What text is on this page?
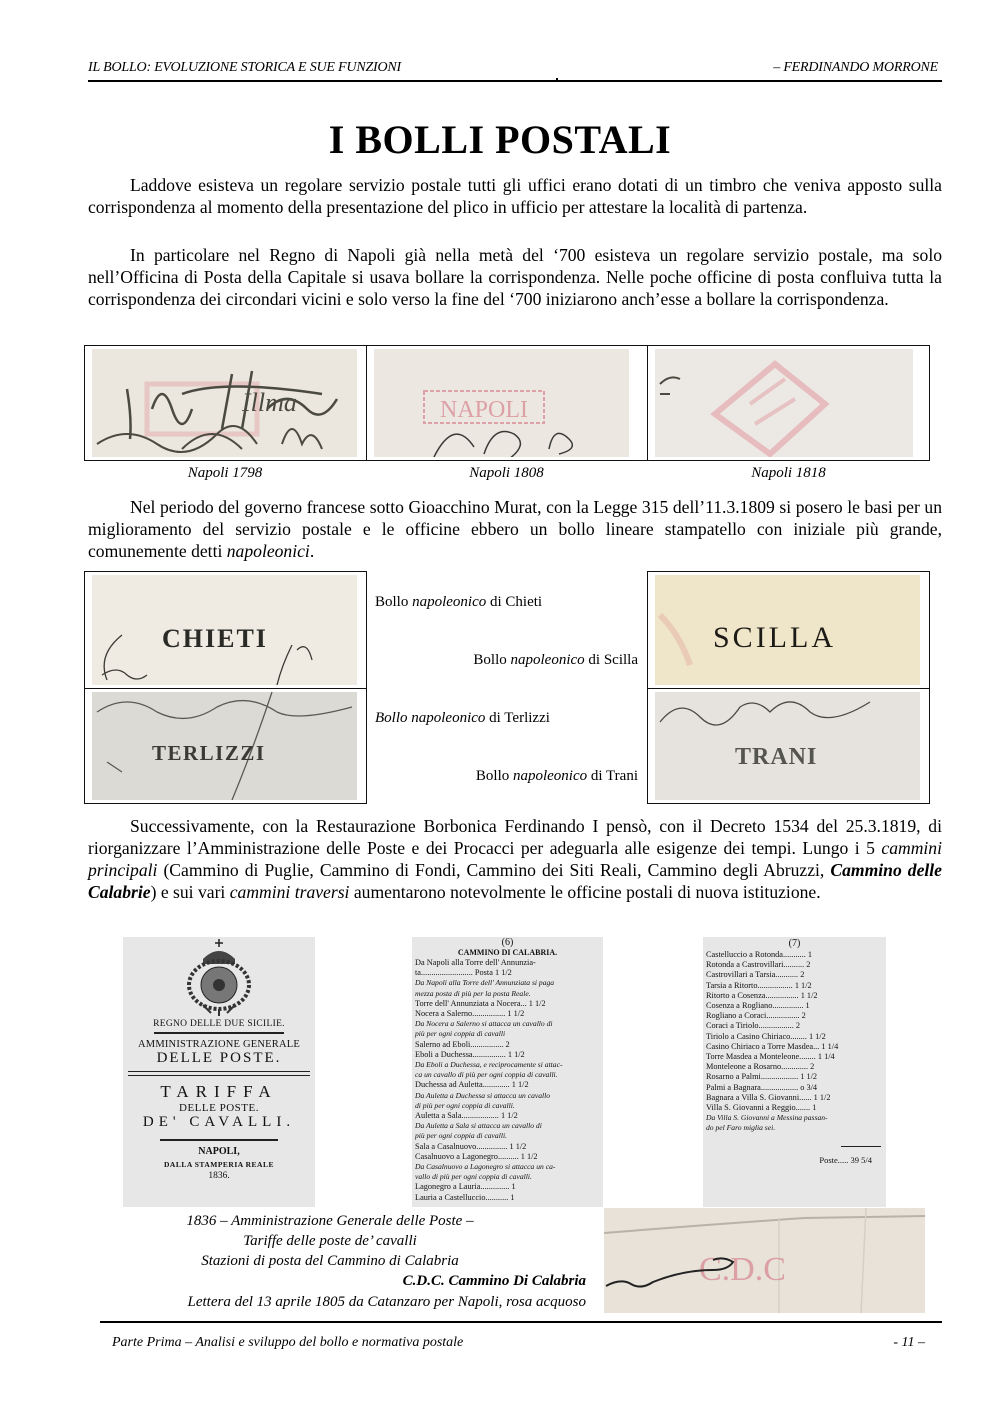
IL BOLLO: EVOLUZIONE STORICA E SUE FUNZIONI	– FERDINANDO MORRONE
I BOLLI POSTALI

Laddove esisteva un regolare servizio postale tutti gli uffici erano dotati di un timbro che veniva apposto sulla corrispondenza al momento della presentazione del plico in ufficio per attestare la località di partenza.

In particolare nel Regno di Napoli già nella metà del ‘700 esisteva un regolare servizio postale, ma solo nell’Officina di Posta della Capitale si usava bollare la corrispondenza. Nelle poche officine di posta confluiva tutta la corrispondenza dei circondari vicini e solo verso la fine del ‘700 iniziarono anch’esse a bollare la corrispondenza.

Illma	NAPOLI
Napoli 1798	Napoli 1808	Napoli 1818

Nel periodo del governo francese sotto Gioacchino Murat, con la Legge 315 dell’11.3.1809 si posero le basi per un miglioramento del servizio postale e le officine ebbero un bollo lineare stampatello con iniziale più grande, comunemente detti napoleonici.

CHIETI
TERLIZZI
SCILLA
TRANI
Bollo napoleonico di Chieti
Bollo napoleonico di Scilla
Bollo napoleonico di Terlizzi
Bollo napoleonico di Trani

Successivamente, con la Restaurazione Borbonica Ferdinando I pensò, con il Decreto 1534 del 25.3.1819, di riorganizzare l’Amministrazione delle Poste e dei Procacci per adeguarla alle esigenze dei tempi. Lungo i 5 cammini principali (Cammino di Puglie, Cammino di Fondi, Cammino dei Siti Reali, Cammino degli Abruzzi, Cammino delle Calabrie) e sui vari cammini traversi aumentarono notevolmente le officine postali di nuova istituzione.

REGNO DELLE DUE SICILIE.
AMMINISTRAZIONE GENERALE
DELLE POSTE.
TARIFFA
DELLE POSTE.
DE' CAVALLI.
NAPOLI,
DALLA STAMPERIA REALE
1836.
(6)
CAMMINO DI CALABRIA.
Da Napoli alla Torre dell' Annunzia-
ta......................... Posta 1 1/2
Da Napoli alla Torre dell' Annunziata si paga
mezza posta di più per la posta Reale.
Torre dell' Annunziata a Nocera... 1 1/2
Nocera a Salerno................ 1 1/2
Da Nocera a Salerno si attacca un cavallo di
più per ogni coppia di cavalli
Salerno ad Eboli................ 2
Eboli a Duchessa................ 1 1/2
Da Eboli a Duchessa, e reciprocamente si attac-
ca un cavallo di più per ogni coppia di cavalli.
Duchessa ad Auletta............. 1 1/2
Da Auletta a Duchessa si attacca un cavallo
di più per ogni coppia di cavalli.
Auletta a Sala.................. 1 1/2
Da Auletta a Sala si attacca un cavallo di
più per ogni coppia di cavalli.
Sala a Casalnuovo............... 1 1/2
Casalnuovo a Lagonegro.......... 1 1/2
Da Casalnuovo a Lagonegro si attacca un ca-
vallo di più per ogni coppia di cavalli.
Lagonegro a Lauria.............. 1
Lauria a Castelluccio........... 1
(7)
Castelluccio a Rotonda........... 1
Rotonda a Castrovillari.......... 2
Castrovillari a Tarsia........... 2
Tarsia a Ritorto................. 1 1/2
Ritorto a Cosenza................ 1 1/2
Cosenza a Rogliano............... 1
Rogliano a Coraci................ 2
Coraci a Tiriolo................. 2
Tiriolo a Casino Chiriaco........ 1 1/2
Casino Chiriaco a Torre Masdea... 1 1/4
Torre Masdea a Monteleone........ 1 1/4
Monteleone a Rosarno............. 2
Rosarno a Palmi.................. 1 1/2
Palmi a Bagnara.................. o 3/4
Bagnara a Villa S. Giovanni...... 1 1/2
Villa S. Giovanni a Reggio....... 1
Da Villa S. Giovanni a Messina passan-
do pel Faro miglia sei.
Poste..... 39 5/4
1836 – Amministrazione Generale delle Poste –
Tariffe delle poste de’ cavalli
Stazioni di posta del Cammino di Calabria
C.D.C. Cammino Di Calabria
Lettera del 13 aprile 1805 da Catanzaro per Napoli, rosa acquoso
C.D.C
Parte Prima – Analisi e sviluppo del bollo e normativa postale	- 11 –
